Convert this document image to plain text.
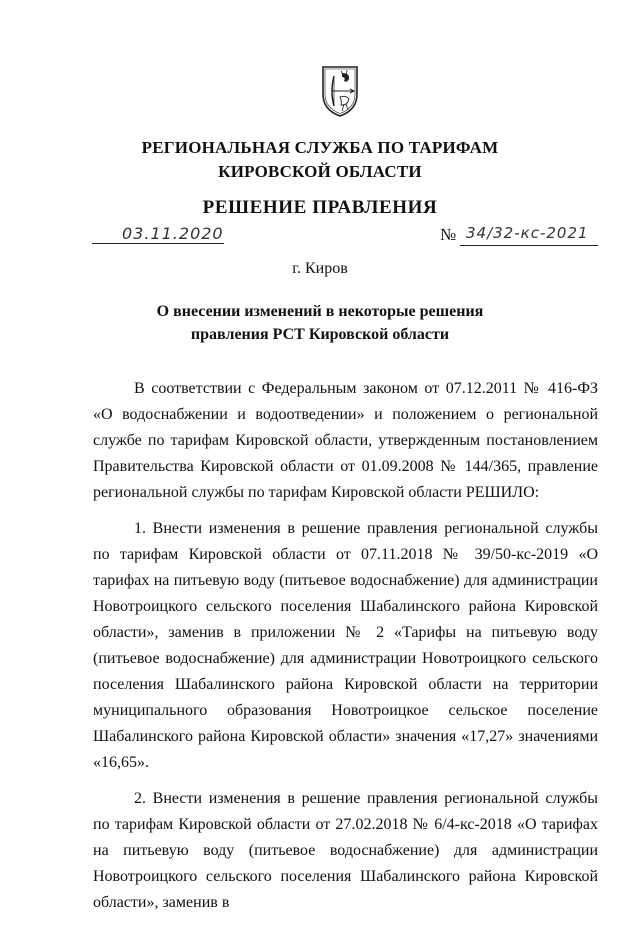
РЕГИОНАЛЬНАЯ СЛУЖБА ПО ТАРИФАМ
КИРОВСКОЙ ОБЛАСТИ
РЕШЕНИЕ ПРАВЛЕНИЯ
03.11.2020	№ 34/32-кс-2021
г. Киров
О внесении изменений в некоторые решения
правления РСТ Кировской области

В соответствии с Федеральным законом от 07.12.2011 № 416-ФЗ «О водоснабжении и водоотведении» и положением о региональной службе по тарифам Кировской области, утвержденным постановлением Правительства Кировской области от 01.09.2008 № 144/365, правление региональной службы по тарифам Кировской области РЕШИЛО:

1. Внести изменения в решение правления региональной службы по тарифам Кировской области от 07.11.2018 № 39/50-кс-2019 «О тарифах на питьевую воду (питьевое водоснабжение) для администрации Новотроицкого сельского поселения Шабалинского района Кировской области», заменив в приложении № 2 «Тарифы на питьевую воду (питьевое водоснабжение) для администрации Новотроицкого сельского поселения Шабалинского района Кировской области на территории муниципального образования Новотроицкое сельское поселение Шабалинского района Кировской области» значения «17,27» значениями «16,65».

2. Внести изменения в решение правления региональной службы по тарифам Кировской области от 27.02.2018 № 6/4-кс-2018 «О тарифах на питьевую воду (питьевое водоснабжение) для администрации Новотроицкого сельского поселения Шабалинского района Кировской области», заменив в
